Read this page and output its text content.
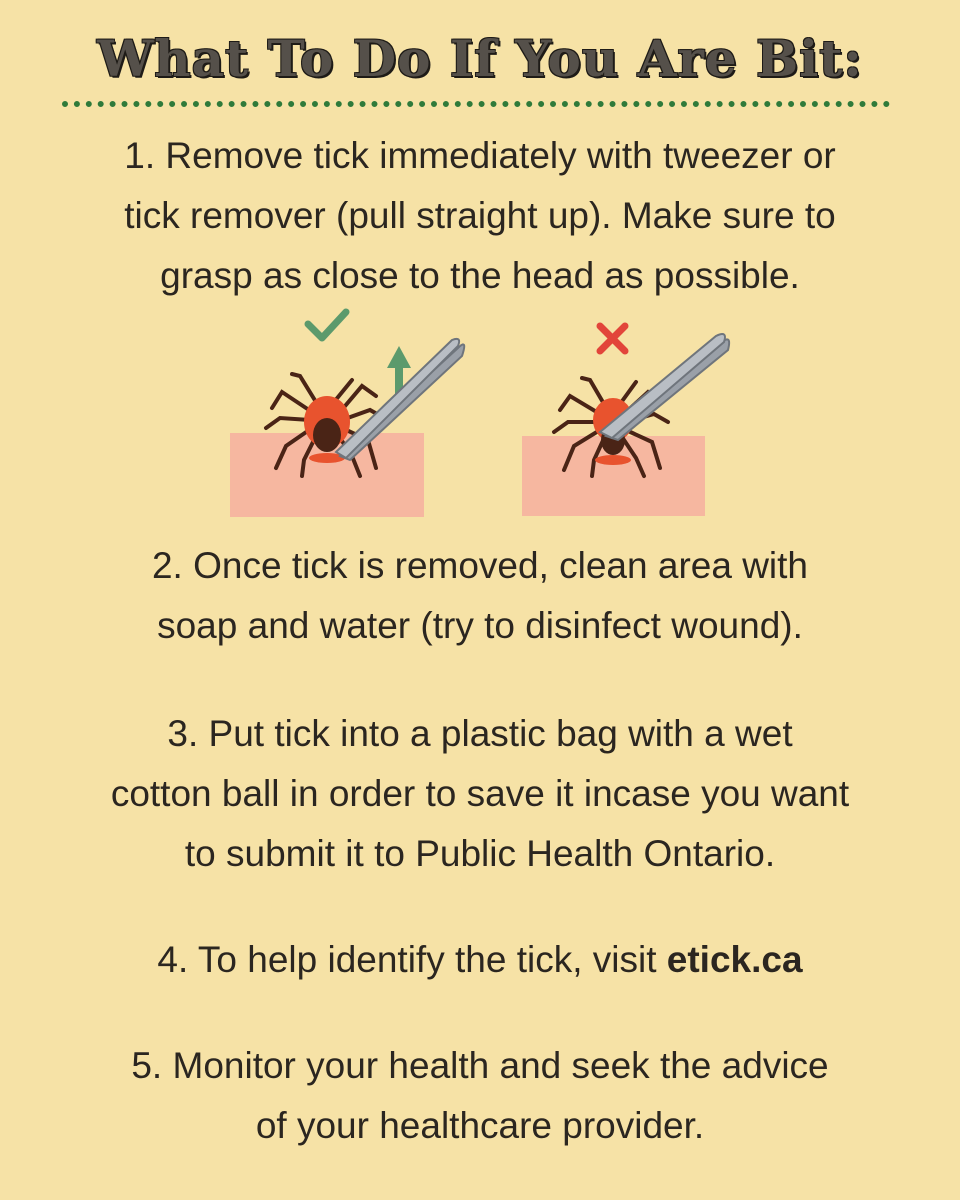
What To Do If You Are Bit:

1. Remove tick immediately with tweezer or

tick remover (pull straight up). Make sure to

grasp as close to the head as possible.

2. Once tick is removed, clean area with

soap and water (try to disinfect wound).

3. Put tick into a plastic bag with a wet

cotton ball in order to save it incase you want

to submit it to Public Health Ontario.

4. To help identify the tick, visit etick.ca

5. Monitor your health and seek the advice

of your healthcare provider.
